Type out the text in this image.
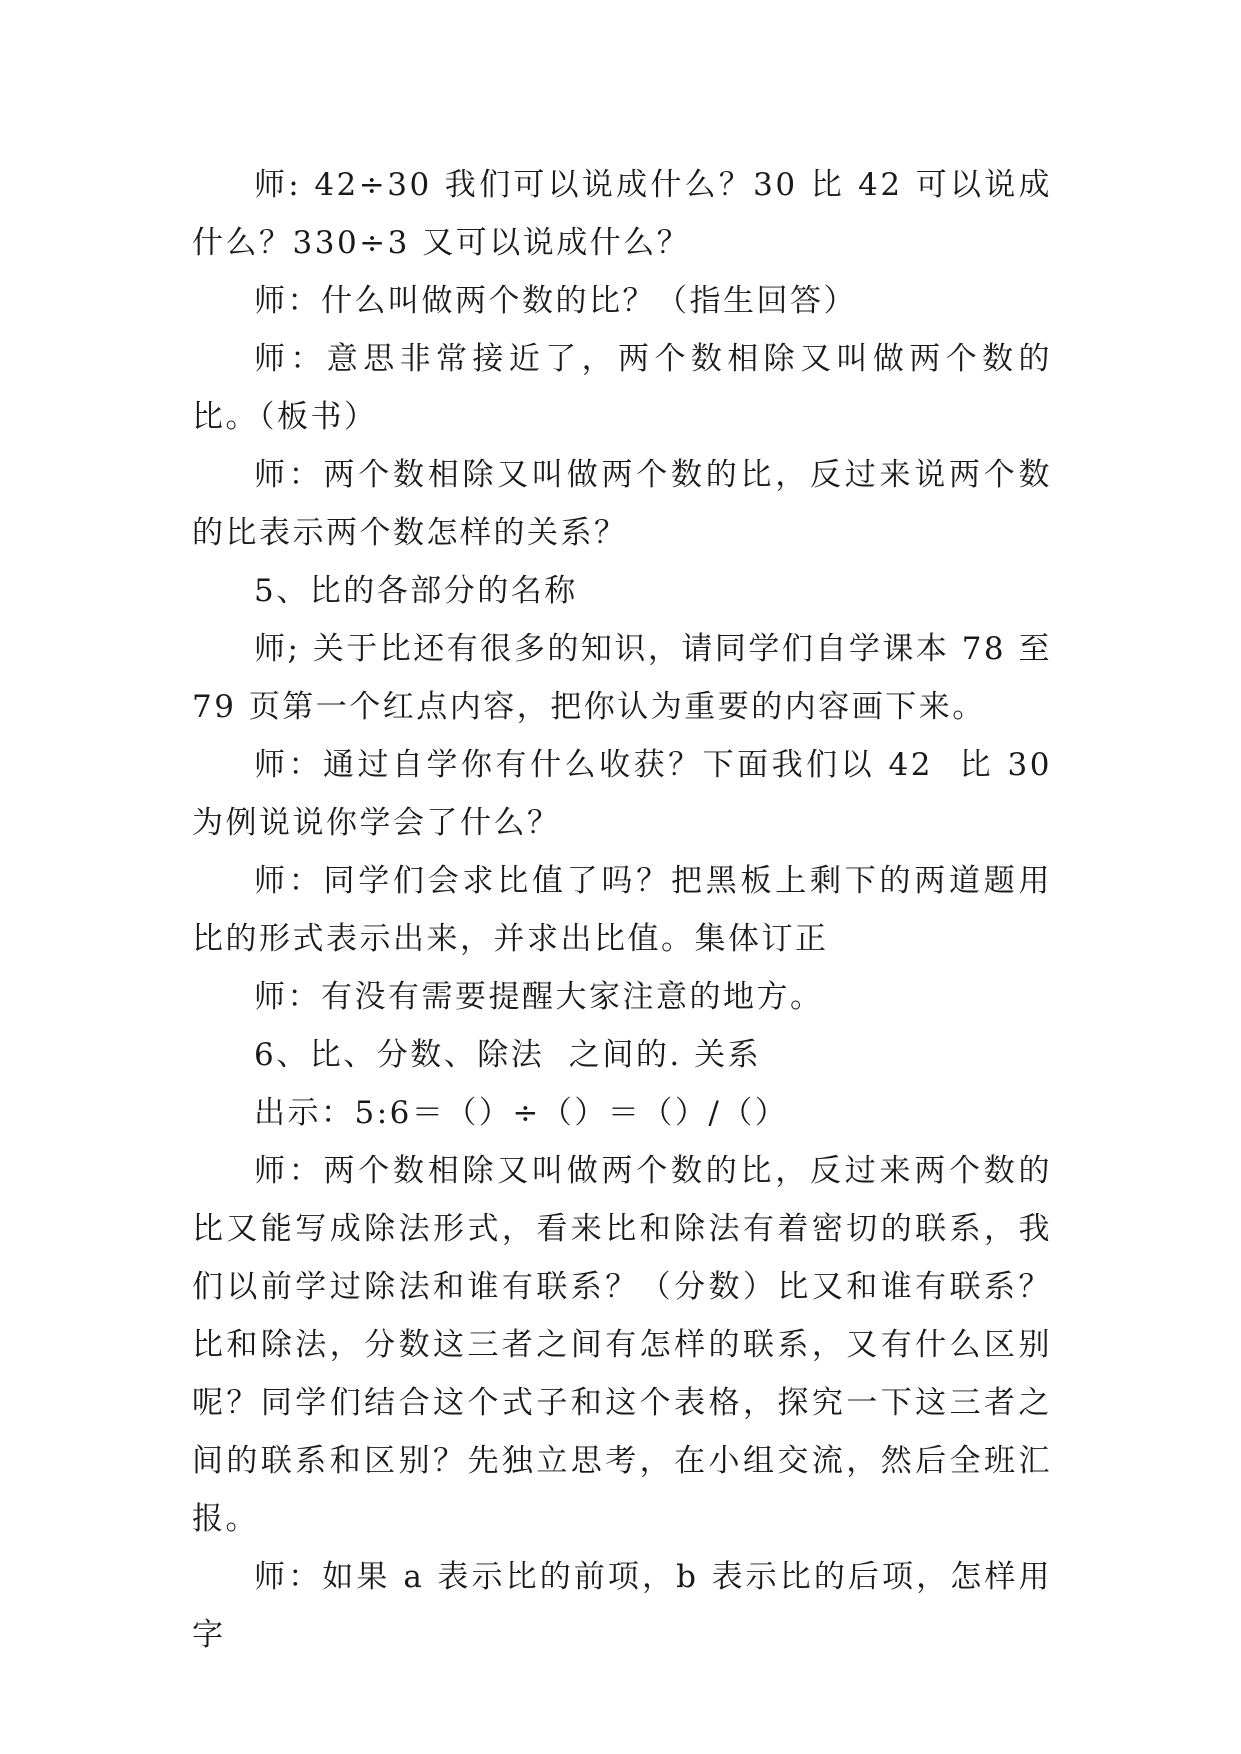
师: 42÷30 我们可以说成什么？30 比 42 可以说成什么？330÷3 又可以说成什么？

师：什么叫做两个数的比？（指生回答）

师：意思非常接近了，两个数相除又叫做两个数的比。（板书）

师：两个数相除又叫做两个数的比，反过来说两个数的比表示两个数怎样的关系？

5、比的各部分的名称

师; 关于比还有很多的知识，请同学们自学课本 78 至 79 页第一个红点内容，把你认为重要的内容画下来。

师：通过自学你有什么收获？下面我们以 42  比 30  为例说说你学会了什么？

师：同学们会求比值了吗？把黑板上剩下的两道题用比的形式表示出来，并求出比值。集体订正

师：有没有需要提醒大家注意的地方。

6、比、分数、除法  之间的. 关系

出示：5:6＝（）÷（）＝（）/（）

师：两个数相除又叫做两个数的比，反过来两个数的比又能写成除法形式，看来比和除法有着密切的联系，我们以前学过除法和谁有联系？（分数）比又和谁有联系？比和除法，分数这三者之间有怎样的联系，又有什么区别呢？同学们结合这个式子和这个表格，探究一下这三者之间的联系和区别？先独立思考，在小组交流，然后全班汇报。

师：如果 a 表示比的前项，b 表示比的后项，怎样用字
